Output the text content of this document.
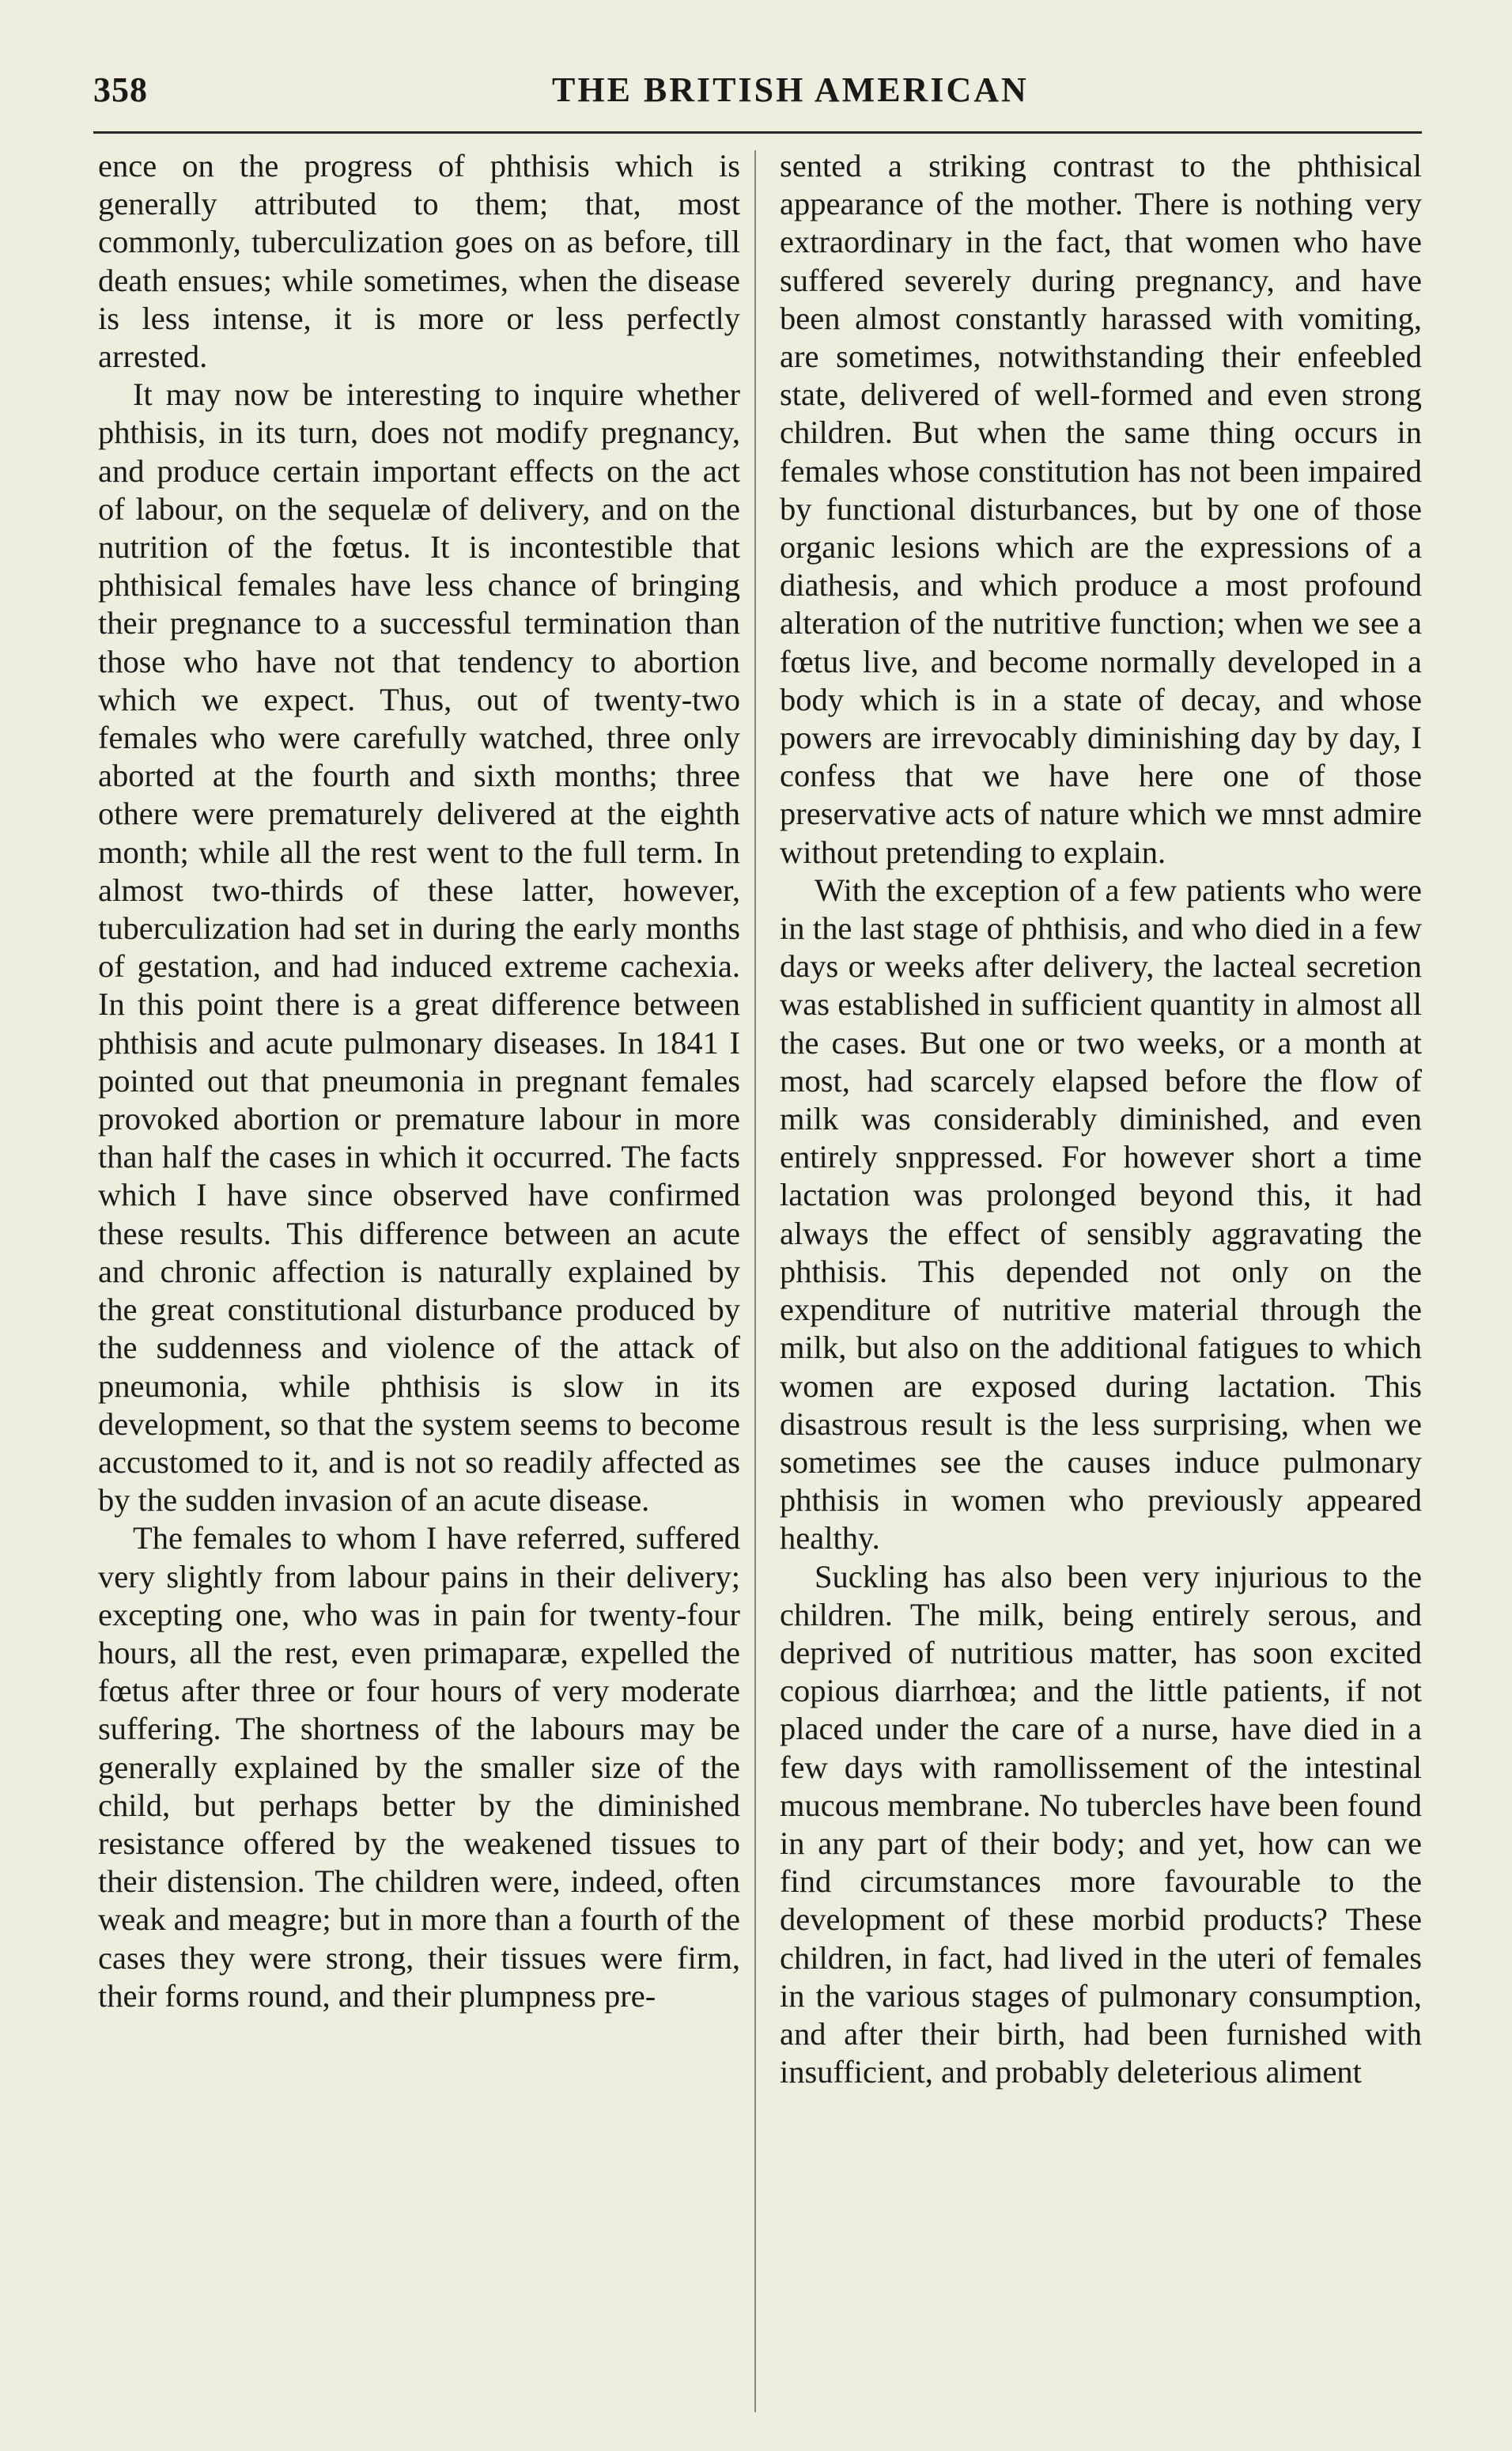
358	THE BRITISH AMERICAN

ence on the progress of phthisis which is generally attributed to them; that, most commonly, tuberculization goes on as before, till death ensues; while sometimes, when the disease is less intense, it is more or less perfectly arrested.

It may now be interesting to inquire whether phthisis, in its turn, does not modify pregnancy, and produce certain important effects on the act of labour, on the sequelæ of delivery, and on the nutrition of the fœtus. It is incontestible that phthisical females have less chance of bringing their pregnance to a successful termination than those who have not that tendency to abortion which we expect. Thus, out of twenty-two females who were carefully watched, three only aborted at the fourth and sixth months; three othere were prematurely delivered at the eighth month; while all the rest went to the full term. In almost two-thirds of these latter, however, tuberculization had set in during the early months of gestation, and had induced extreme cachexia. In this point there is a great difference between phthisis and acute pulmonary diseases. In 1841 I pointed out that pneumonia in pregnant females provoked abortion or premature labour in more than half the cases in which it occurred. The facts which I have since observed have confirmed these results. This difference between an acute and chronic affection is naturally explained by the great constitutional disturbance produced by the suddenness and violence of the attack of pneumonia, while phthisis is slow in its development, so that the system seems to become accustomed to it, and is not so readily affected as by the sudden invasion of an acute disease.

The females to whom I have referred, suffered very slightly from labour pains in their delivery; excepting one, who was in pain for twenty-four hours, all the rest, even primaparæ, expelled the fœtus after three or four hours of very moderate suffering. The shortness of the labours may be generally explained by the smaller size of the child, but perhaps better by the diminished resistance offered by the weakened tissues to their distension. The children were, indeed, often weak and meagre; but in more than a fourth of the cases they were strong, their tissues were firm, their forms round, and their plumpness pre-

sented a striking contrast to the phthisical appearance of the mother. There is nothing very extraordinary in the fact, that women who have suffered severely during pregnancy, and have been almost constantly harassed with vomiting, are sometimes, notwithstanding their enfeebled state, delivered of well-formed and even strong children. But when the same thing occurs in females whose constitution has not been impaired by functional disturbances, but by one of those organic lesions which are the expressions of a diathesis, and which produce a most profound alteration of the nutritive function; when we see a fœtus live, and become normally developed in a body which is in a state of decay, and whose powers are irrevocably diminishing day by day, I confess that we have here one of those preservative acts of nature which we mnst admire without pretending to explain.

With the exception of a few patients who were in the last stage of phthisis, and who died in a few days or weeks after delivery, the lacteal secretion was established in sufficient quantity in almost all the cases. But one or two weeks, or a month at most, had scarcely elapsed before the flow of milk was considerably diminished, and even entirely snppressed. For however short a time lactation was prolonged beyond this, it had always the effect of sensibly aggravating the phthisis. This depended not only on the expenditure of nutritive material through the milk, but also on the additional fatigues to which women are exposed during lactation. This disastrous result is the less surprising, when we sometimes see the causes induce pulmonary phthisis in women who previously appeared healthy.

Suckling has also been very injurious to the children. The milk, being entirely serous, and deprived of nutritious matter, has soon excited copious diarrhœa; and the little patients, if not placed under the care of a nurse, have died in a few days with ramollissement of the intestinal mucous membrane. No tubercles have been found in any part of their body; and yet, how can we find circumstances more favourable to the development of these morbid products? These children, in fact, had lived in the uteri of females in the various stages of pulmonary consumption, and after their birth, had been furnished with insufficient, and probably deleterious aliment
